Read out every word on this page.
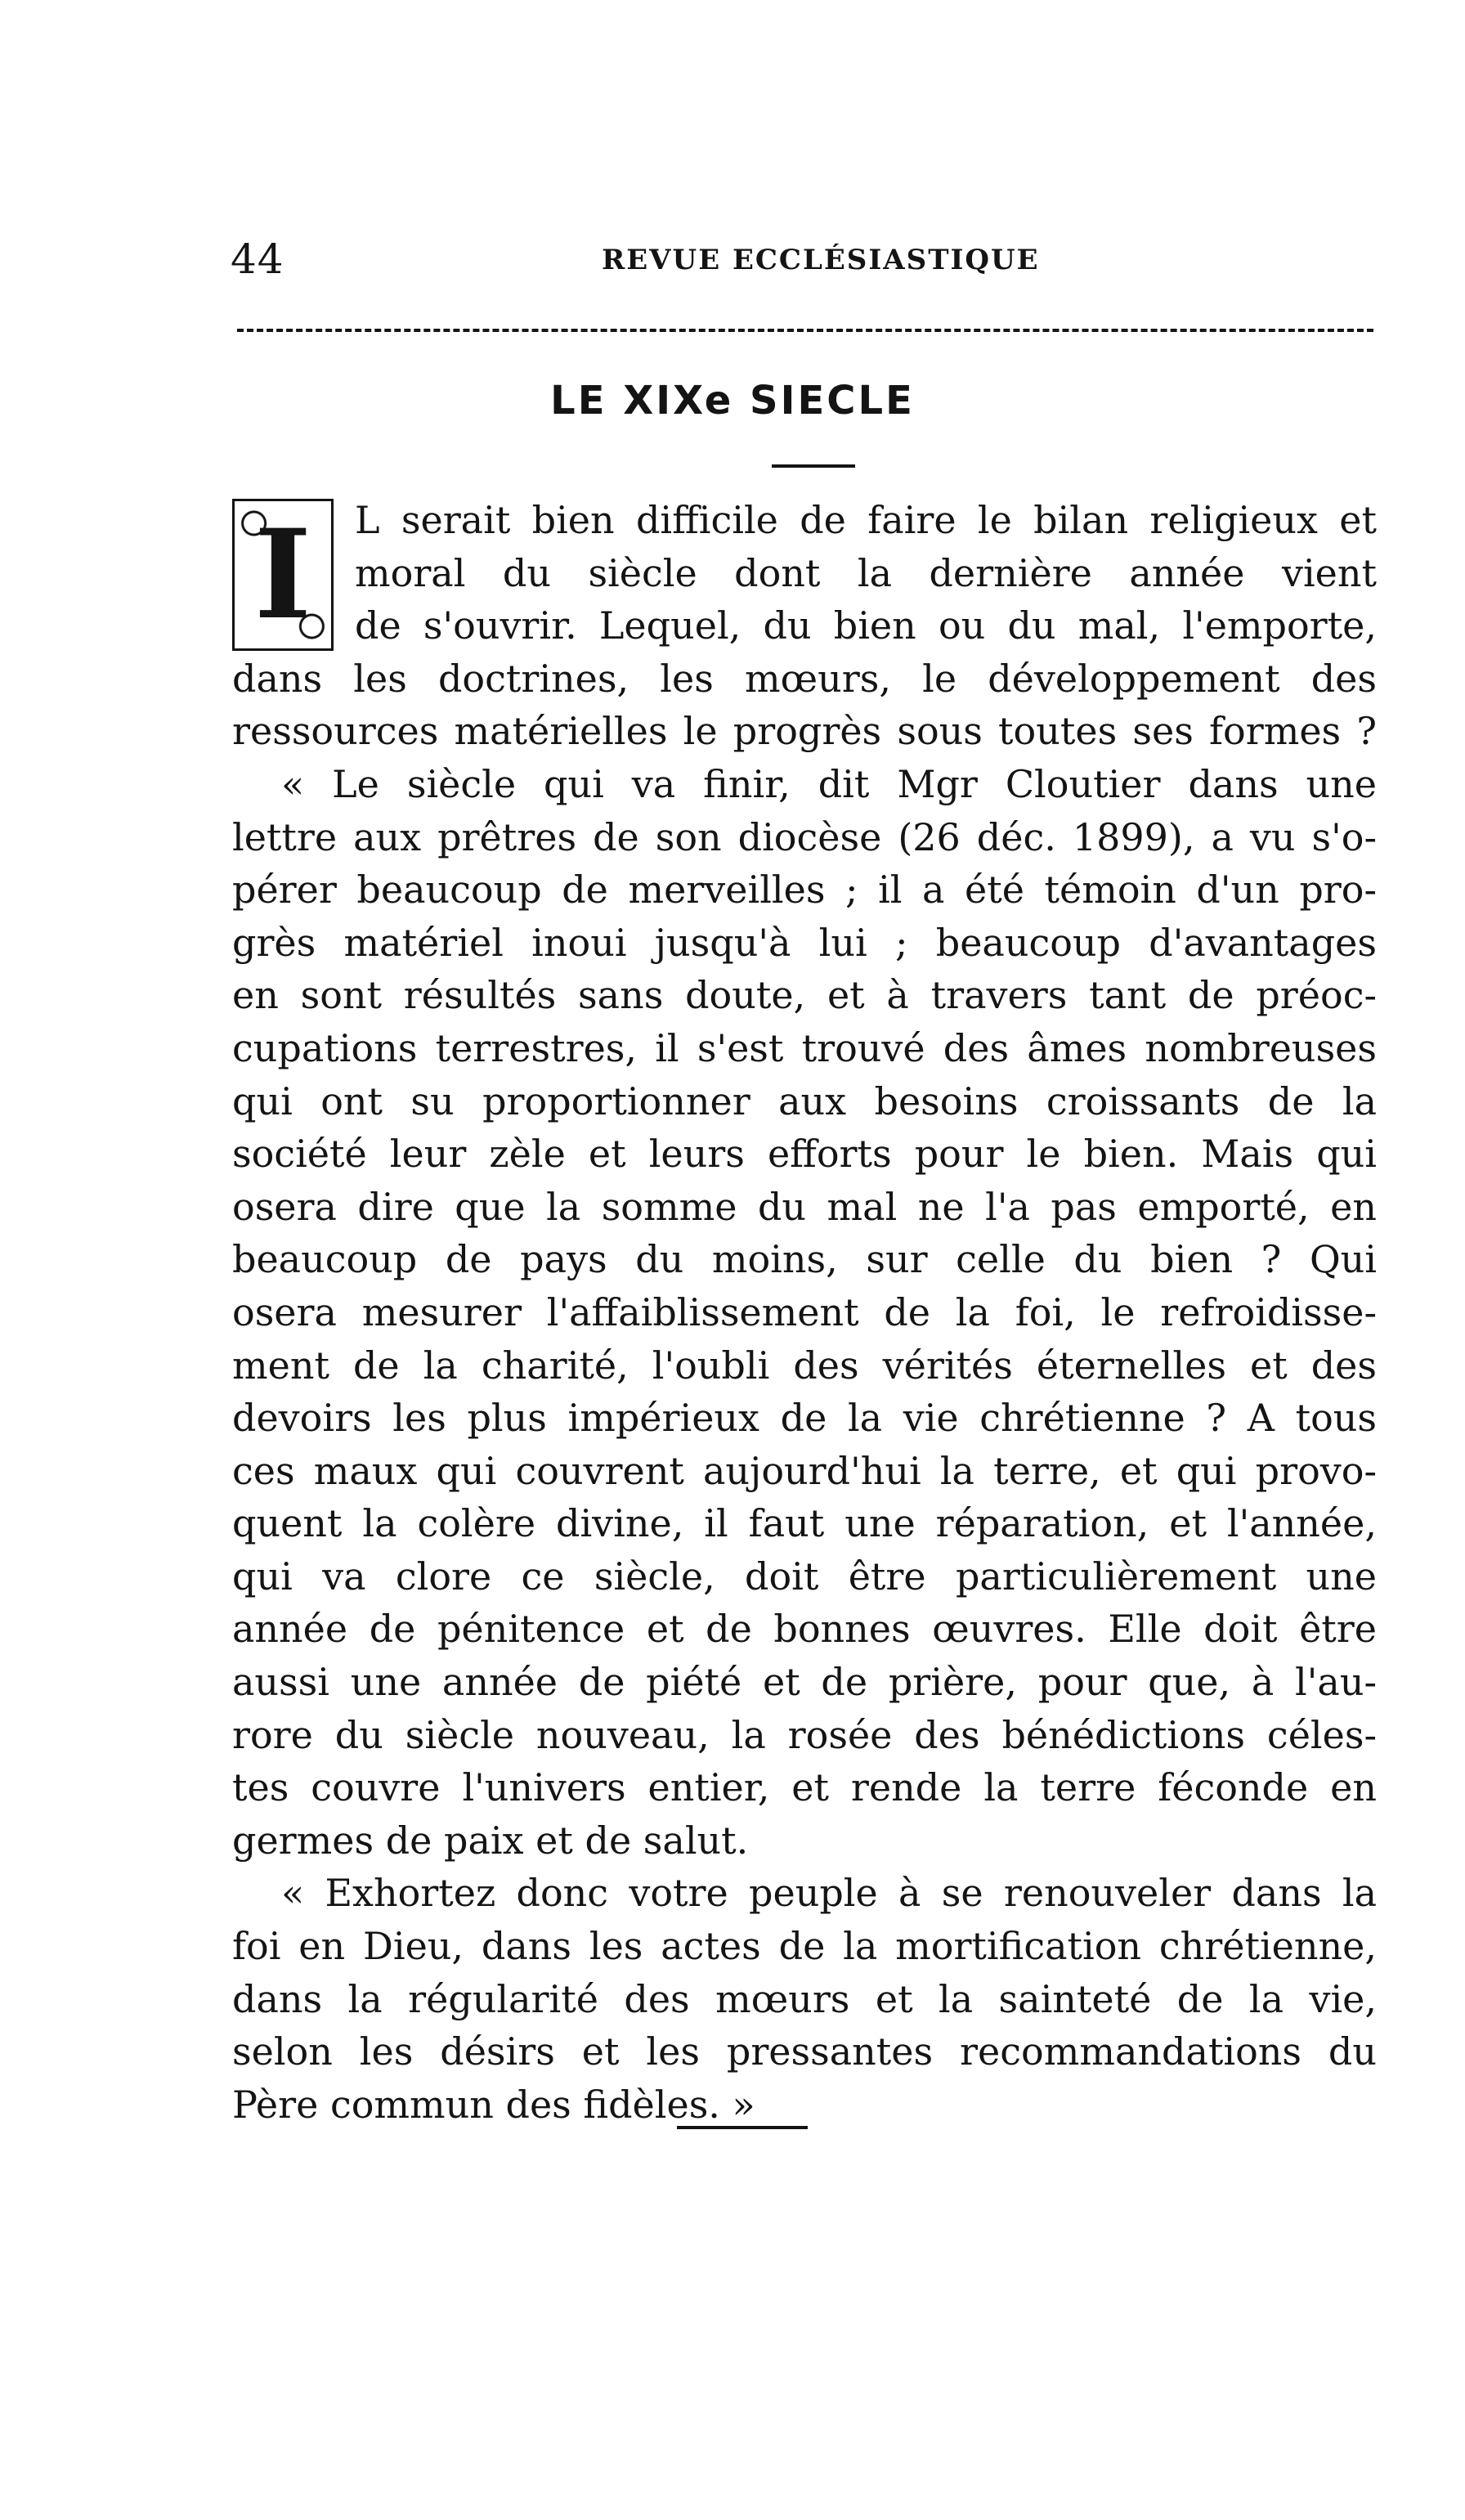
44	REVUE ECCLÉSIASTIQUE
LE XIXe SIECLE
I	L serait bien difficile de faire le bilan religieux et
moral du siècle dont la dernière année vient
de s'ouvrir. Lequel, du bien ou du mal, l'emporte,
dans les doctrines, les mœurs, le développement des
ressources matérielles le progrès sous toutes ses formes ?
« Le siècle qui va finir, dit Mgr Cloutier dans une
lettre aux prêtres de son diocèse (26 déc. 1899), a vu s'o-
pérer beaucoup de merveilles ; il a été témoin d'un pro-
grès matériel inoui jusqu'à lui ; beaucoup d'avantages
en sont résultés sans doute, et à travers tant de préoc-
cupations terrestres, il s'est trouvé des âmes nombreuses
qui ont su proportionner aux besoins croissants de la
société leur zèle et leurs efforts pour le bien. Mais qui
osera dire que la somme du mal ne l'a pas emporté, en
beaucoup de pays du moins, sur celle du bien ? Qui
osera mesurer l'affaiblissement de la foi, le refroidisse-
ment de la charité, l'oubli des vérités éternelles et des
devoirs les plus impérieux de la vie chrétienne ? A tous
ces maux qui couvrent aujourd'hui la terre, et qui provo-
quent la colère divine, il faut une réparation, et l'année,
qui va clore ce siècle, doit être particulièrement une
année de pénitence et de bonnes œuvres. Elle doit être
aussi une année de piété et de prière, pour que, à l'au-
rore du siècle nouveau, la rosée des bénédictions céles-
tes couvre l'univers entier, et rende la terre féconde en
germes de paix et de salut.
« Exhortez donc votre peuple à se renouveler dans la
foi en Dieu, dans les actes de la mortification chrétienne,
dans la régularité des mœurs et la sainteté de la vie,
selon les désirs et les pressantes recommandations du
Père commun des fidèles. »
